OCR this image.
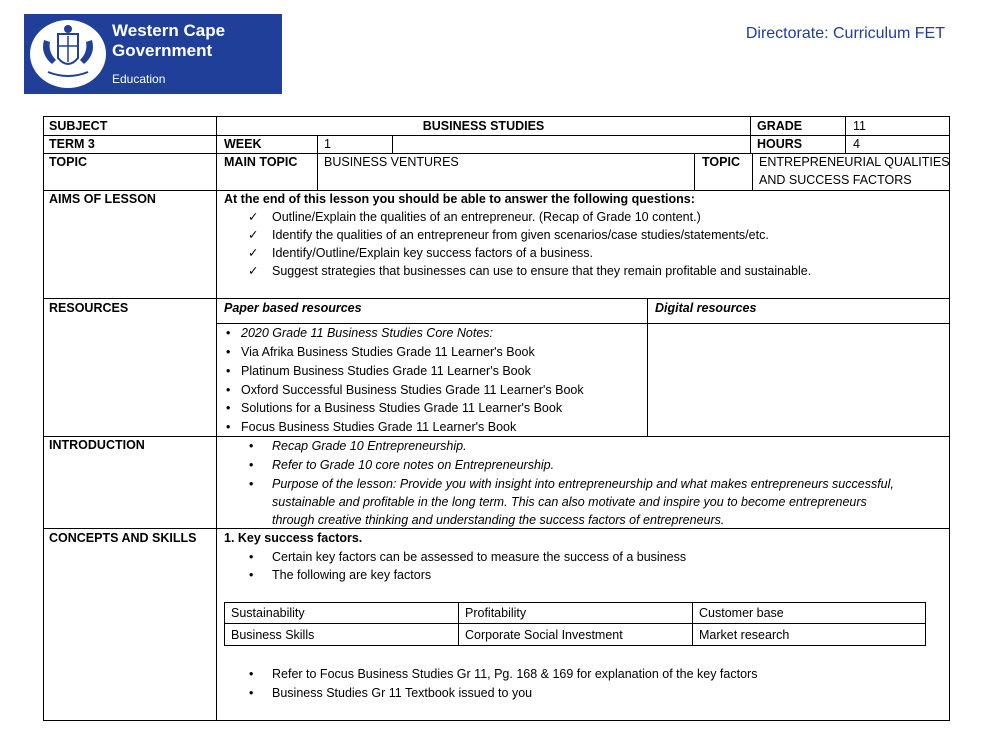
Western Cape Government
Education
Directorate: Curriculum FET
SUBJECT	BUSINESS STUDIES	GRADE	11
TERM 3	WEEK	1	HOURS	4
TOPIC	MAIN TOPIC BUSINESS VENTURES	TOPIC ENTREPRENEURIAL QUALITIES
AND SUCCESS FACTORS
AIMS OF LESSON	At the end of this lesson you should be able to answer the following questions:
✓ Outline/Explain the qualities of an entrepreneur. (Recap of Grade 10 content.)
✓ Identify the qualities of an entrepreneur from given scenarios/case studies/statements/etc.
✓ Identify/Outline/Explain key success factors of a business.
✓ Suggest strategies that businesses can use to ensure that they remain profitable and sustainable.
RESOURCES	Paper based resources	Digital resources
• 2020 Grade 11 Business Studies Core Notes:
• Via Afrika Business Studies Grade 11 Learner's Book
• Platinum Business Studies Grade 11 Learner's Book
• Oxford Successful Business Studies Grade 11 Learner's Book
• Solutions for a Business Studies Grade 11 Learner's Book
• Focus Business Studies Grade 11 Learner's Book
INTRODUCTION	• Recap Grade 10 Entrepreneurship.
• Refer to Grade 10 core notes on Entrepreneurship.
• Purpose of the lesson: Provide you with insight into entrepreneurship and what makes entrepreneurs successful,
sustainable and profitable in the long term. This can also motivate and inspire you to become entrepreneurs
through creative thinking and understanding the success factors of entrepreneurs.
CONCEPTS AND SKILLS 1. Key success factors.
• Certain key factors can be assessed to measure the success of a business
• The following are key factors
Sustainability	Profitability	Customer base
Business Skills	Corporate Social Investment	Market research
• Refer to Focus Business Studies Gr 11, Pg. 168 & 169 for explanation of the key factors
• Business Studies Gr 11 Textbook issued to you
